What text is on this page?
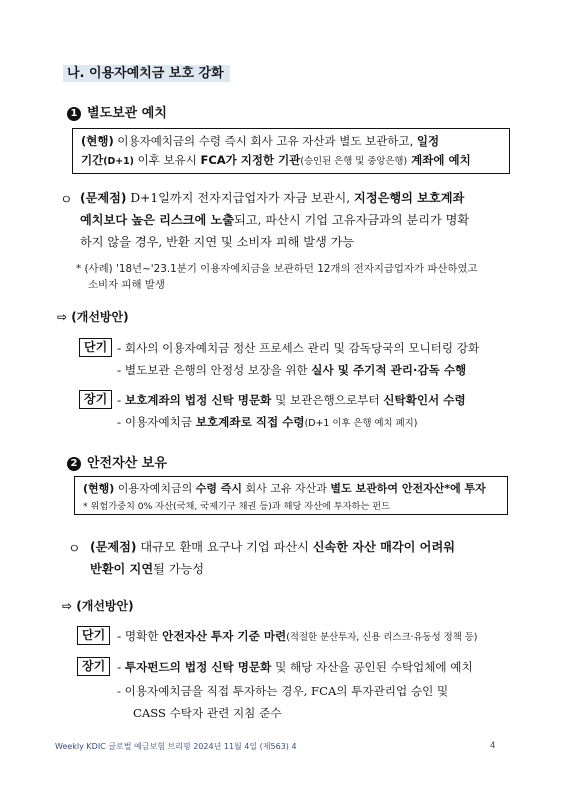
나. 이용자예치금 보호 강화
1 별도보관 예치
(현행) 이용자예치금의 수령 즉시 회사 고유 자산과 별도 보관하고, 일정
기간(D+1) 이후 보유시 FCA가 지정한 기관(승인된 은행 및 중앙은행) 계좌에 예치
ㅇ (문제점) D+1일까지 전자지급업자가 자금 보관시, 지정은행의 보호계좌
예치보다 높은 리스크에 노출되고, 파산시 기업 고유자금과의 분리가 명확
하지 않을 경우, 반환 지연 및 소비자 피해 발생 가능
* (사례) '18년~'23.1분기 이용자예치금을 보관하던 12개의 전자지급업자가 파산하였고
소비자 피해 발생
⇨ (개선방안)
단기 - 회사의 이용자예치금 정산 프로세스 관리 및 감독당국의 모니터링 강화
- 별도보관 은행의 안정성 보장을 위한 실사 및 주기적 관리·감독 수행
장기 - 보호계좌의 법정 신탁 명문화 및 보관은행으로부터 신탁확인서 수령
- 이용자예치금 보호계좌로 직접 수령(D+1 이후 은행 예치 폐지)
2 안전자산 보유
(현행) 이용자예치금의 수령 즉시 회사 고유 자산과 별도 보관하여 안전자산*에 투자
* 위험가중치 0% 자산(국채, 국제기구 채권 등)과 해당 자산에 투자하는 펀드
ㅇ (문제점) 대규모 환매 요구나 기업 파산시 신속한 자산 매각이 어려워
반환이 지연될 가능성
⇨ (개선방안)
단기	- 명확한 안전자산 투자 기준 마련(적절한 분산투자, 신용 리스크·유동성 정책 등)
장기	- 투자펀드의 법정 신탁 명문화 및 해당 자산을 공인된 수탁업체에 예치
- 이용자예치금을 직접 투자하는 경우, FCA의 투자관리업 승인 및
CASS 수탁자 관련 지침 준수
Weekly KDIC 글로벌 예금보험 브리핑 2024년 11월 4일 (제563) 4	4
